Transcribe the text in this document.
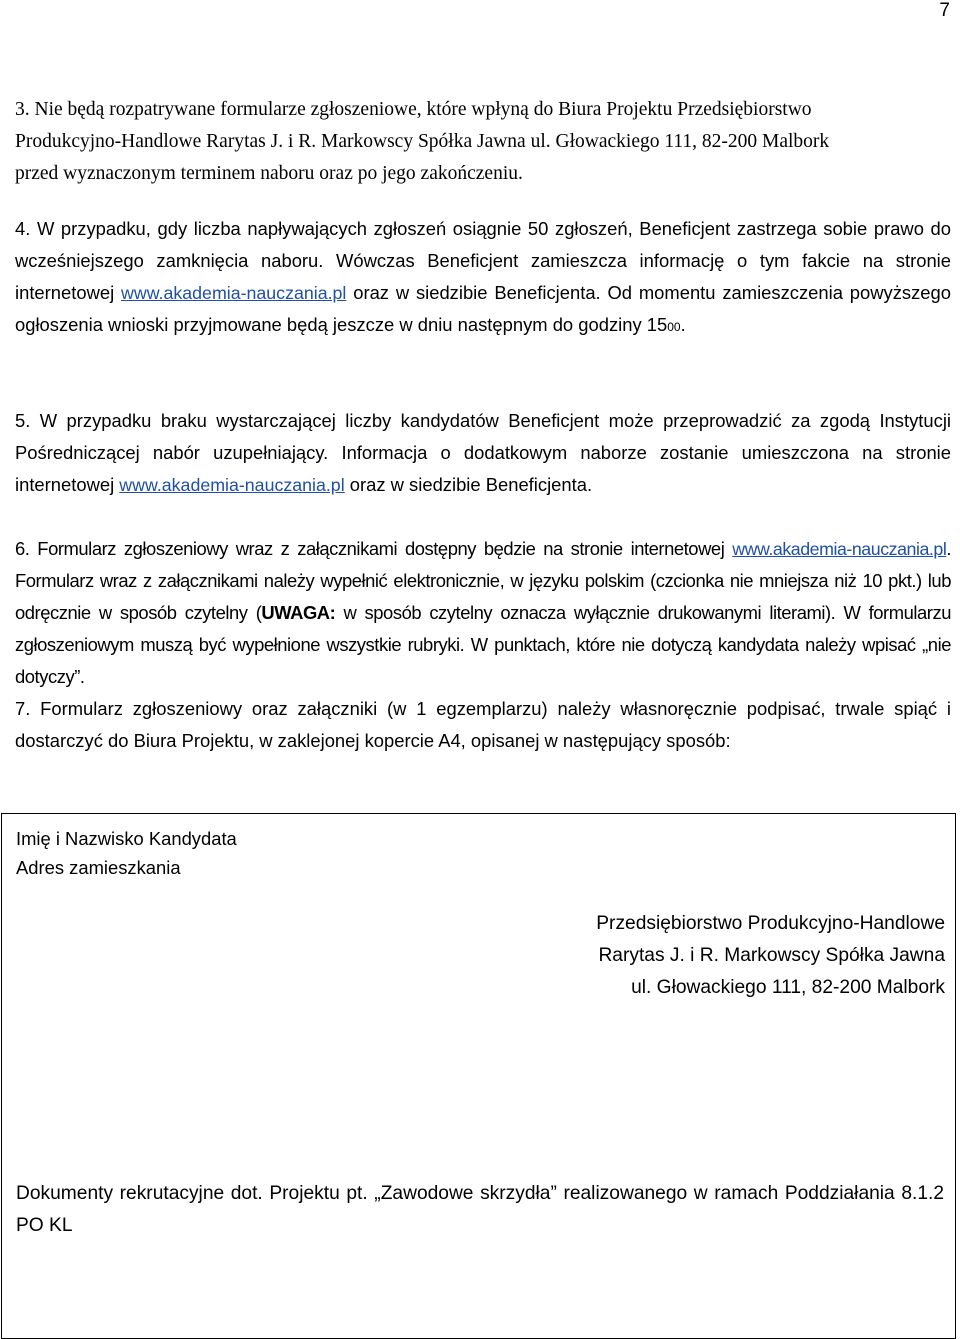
7
3. Nie będą rozpatrywane formularze zgłoszeniowe, które wpłyną do Biura Projektu Przedsiębiorstwo
Produkcyjno-Handlowe Rarytas J. i R. Markowscy Spółka Jawna ul. Głowackiego 111, 82-200 Malbork
przed wyznaczonym terminem naboru oraz po jego zakończeniu.

4. W przypadku, gdy liczba napływających zgłoszeń osiągnie 50 zgłoszeń, Beneficjent zastrzega sobie prawo do wcześniejszego zamknięcia naboru. Wówczas Beneficjent zamieszcza informację o tym fakcie na stronie internetowej www.akademia-nauczania.pl oraz w siedzibie Beneficjenta. Od momentu zamieszczenia powyższego ogłoszenia wnioski przyjmowane będą jeszcze w dniu następnym do godziny 1500.

5. W przypadku braku wystarczającej liczby kandydatów Beneficjent może przeprowadzić za zgodą Instytucji Pośredniczącej nabór uzupełniający. Informacja o dodatkowym naborze zostanie umieszczona na stronie internetowej www.akademia-nauczania.pl oraz w siedzibie Beneficjenta.

6. Formularz zgłoszeniowy wraz z załącznikami dostępny będzie na stronie internetowej www.akademia-nauczania.pl. Formularz wraz z załącznikami należy wypełnić elektronicznie, w języku polskim (czcionka nie mniejsza niż 10 pkt.) lub odręcznie w sposób czytelny (UWAGA: w sposób czytelny oznacza wyłącznie drukowanymi literami). W formularzu zgłoszeniowym muszą być wypełnione wszystkie rubryki. W punktach, które nie dotyczą kandydata należy wpisać „nie dotyczy”.

7. Formularz zgłoszeniowy oraz załączniki (w 1 egzemplarzu) należy własnoręcznie podpisać, trwale spiąć i dostarczyć do Biura Projektu, w zaklejonej kopercie A4, opisanej w następujący sposób:

Imię i Nazwisko Kandydata
Adres zamieszkania
Przedsiębiorstwo Produkcyjno-Handlowe
Rarytas J. i R. Markowscy Spółka Jawna
ul. Głowackiego 111, 82-200 Malbork
Dokumenty rekrutacyjne dot. Projektu pt. „Zawodowe skrzydła” realizowanego w ramach Poddziałania 8.1.2 PO KL
